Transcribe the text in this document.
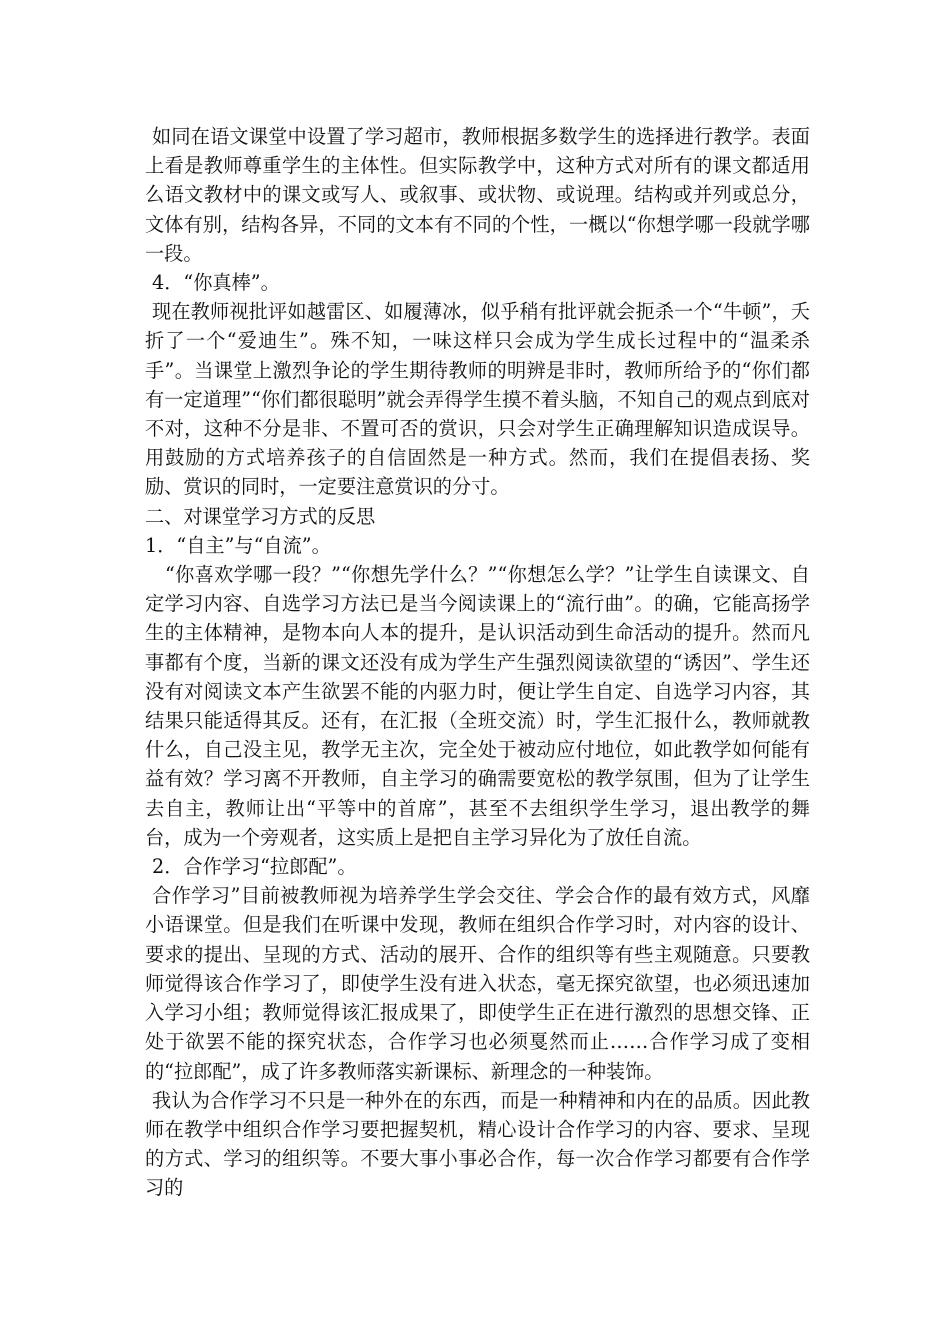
如同在语文课堂中设置了学习超市，教师根据多数学生的选择进行教学。表面上看是教师尊重学生的主体性。但实际教学中，这种方式对所有的课文都适用么语文教材中的课文或写人、或叙事、或状物、或说理。结构或并列或总分，文体有别，结构各异，不同的文本有不同的个性，一概以“你想学哪一段就学哪一段。

4．“你真棒”。

现在教师视批评如越雷区、如履薄冰，似乎稍有批评就会扼杀一个“牛顿”，夭折了一个“爱迪生”。殊不知，一味这样只会成为学生成长过程中的“温柔杀手”。当课堂上激烈争论的学生期待教师的明辨是非时，教师所给予的“你们都有一定道理”“你们都很聪明”就会弄得学生摸不着头脑，不知自己的观点到底对不对，这种不分是非、不置可否的赏识，只会对学生正确理解知识造成误导。用鼓励的方式培养孩子的自信固然是一种方式。然而，我们在提倡表扬、奖励、赏识的同时，一定要注意赏识的分寸。

二、对课堂学习方式的反思

1．“自主”与“自流”。

“你喜欢学哪一段？”“你想先学什么？”“你想怎么学？”让学生自读课文、自定学习内容、自选学习方法已是当今阅读课上的“流行曲”。的确，它能高扬学生的主体精神，是物本向人本的提升，是认识活动到生命活动的提升。然而凡事都有个度，当新的课文还没有成为学生产生强烈阅读欲望的“诱因”、学生还没有对阅读文本产生欲罢不能的内驱力时，便让学生自定、自选学习内容，其结果只能适得其反。还有，在汇报（全班交流）时，学生汇报什么，教师就教什么，自己没主见，教学无主次，完全处于被动应付地位，如此教学如何能有益有效？学习离不开教师，自主学习的确需要宽松的教学氛围，但为了让学生去自主，教师让出“平等中的首席”，甚至不去组织学生学习，退出教学的舞台，成为一个旁观者，这实质上是把自主学习异化为了放任自流。

2．合作学习“拉郎配”。

合作学习”目前被教师视为培养学生学会交往、学会合作的最有效方式，风靡小语课堂。但是我们在听课中发现，教师在组织合作学习时，对内容的设计、要求的提出、呈现的方式、活动的展开、合作的组织等有些主观随意。只要教师觉得该合作学习了，即使学生没有进入状态，毫无探究欲望，也必须迅速加入学习小组；教师觉得该汇报成果了，即使学生正在进行激烈的思想交锋、正处于欲罢不能的探究状态，合作学习也必须戛然而止……合作学习成了变相的“拉郎配”，成了许多教师落实新课标、新理念的一种装饰。

我认为合作学习不只是一种外在的东西，而是一种精神和内在的品质。因此教师在教学中组织合作学习要把握契机，精心设计合作学习的内容、要求、呈现的方式、学习的组织等。不要大事小事必合作，每一次合作学习都要有合作学习的
